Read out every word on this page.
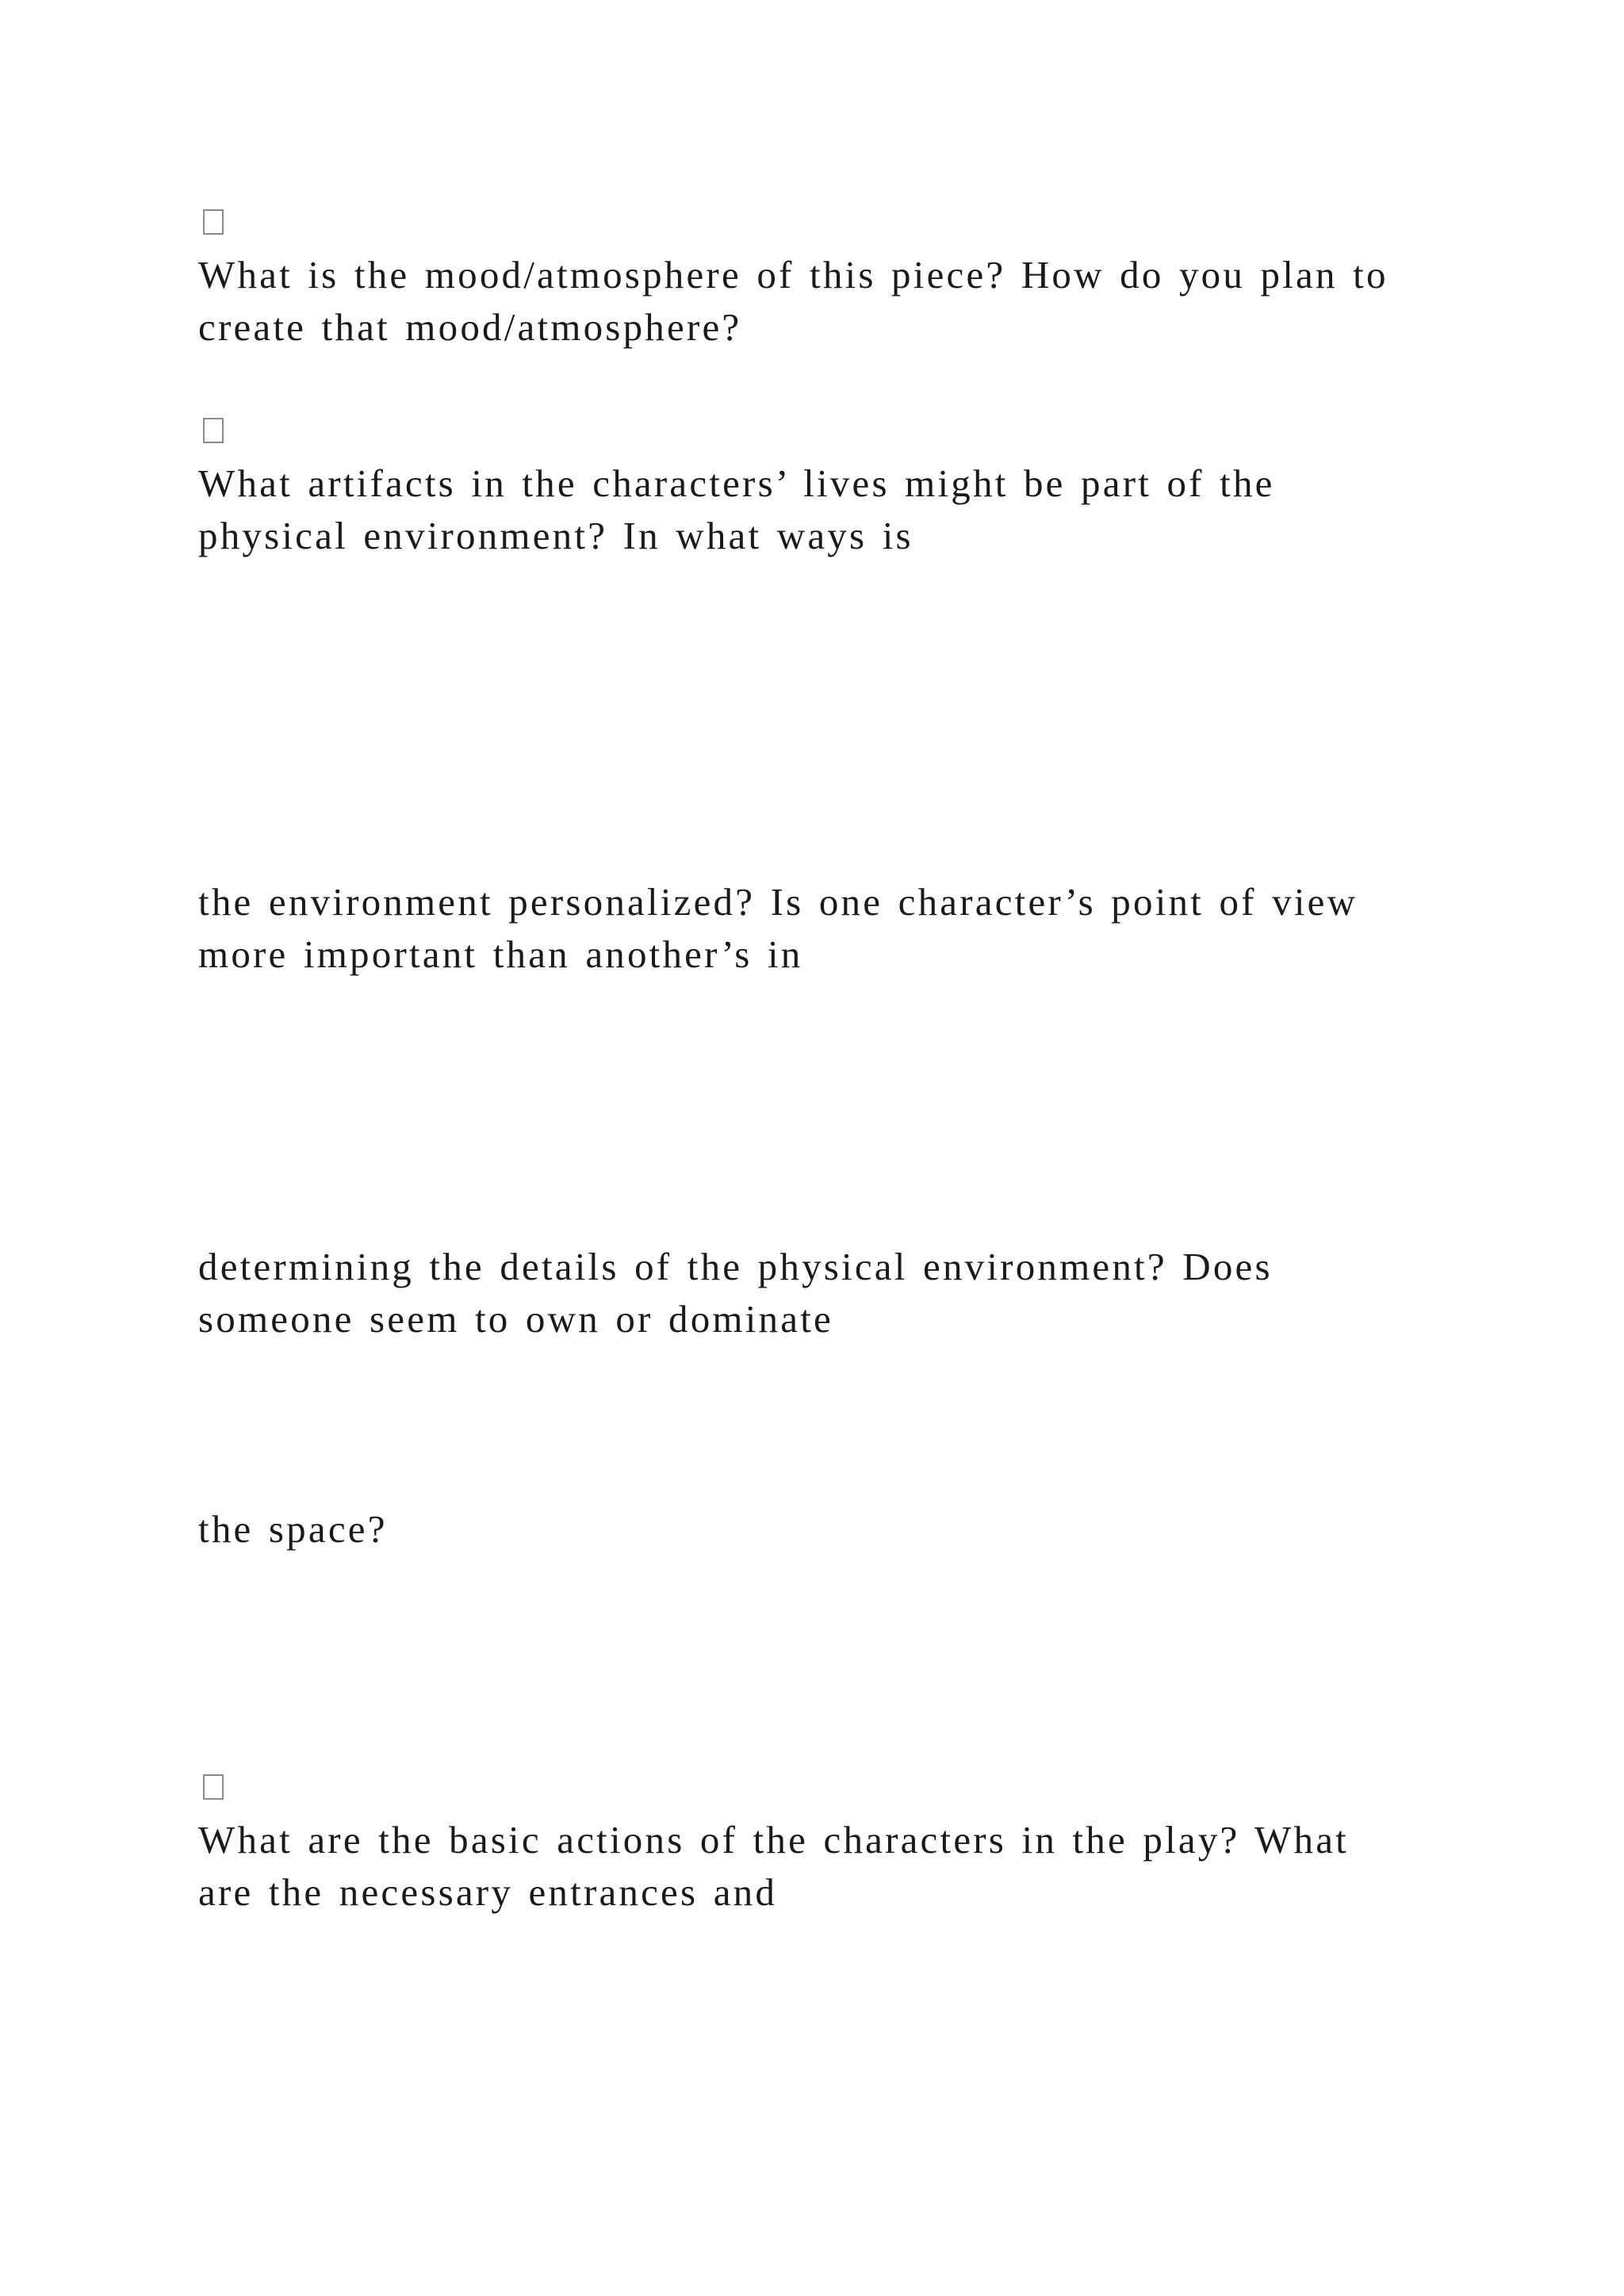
What is the mood/atmosphere of this piece? How do you plan to
create that mood/atmosphere?
What artifacts in the characters’ lives might be part of the
physical environment? In what ways is
the environment personalized? Is one character’s point of view
more important than another’s in
determining the details of the physical environment? Does
someone seem to own or dominate
the space?
What are the basic actions of the characters in the play? What
are the necessary entrances and
